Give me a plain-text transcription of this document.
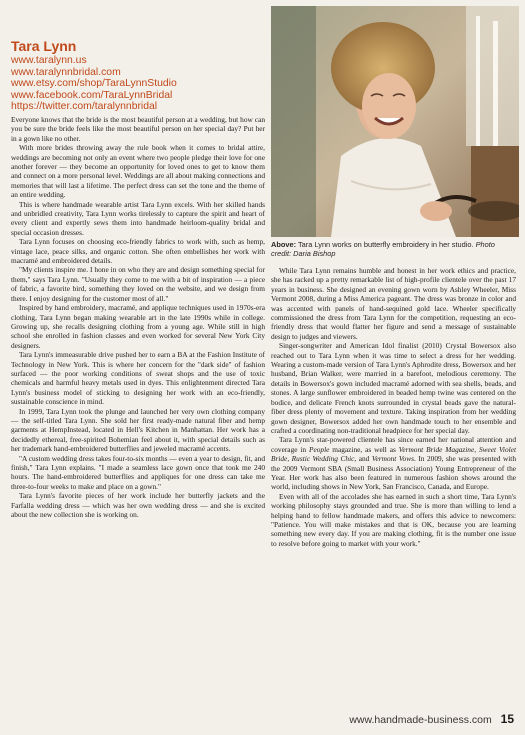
Tara Lynn
www.taralynn.us
www.taralynnbridal.com
www.etsy.com/shop/TaraLynnStudio
www.facebook.com/TaraLynnBridal
https://twitter.com/taralynnbridal

Everyone knows that the bride is the most beautiful person at a wedding, but how can you be sure the bride feels like the most beautiful person on her special day? Put her in a gown like no other.

With more brides throwing away the rule book when it comes to bridal attire, weddings are becoming not only an event where two people pledge their love for one another forever — they become an opportunity for loved ones to get to know them and connect on a more personal level. Weddings are all about making connections and memories that will last a lifetime. The perfect dress can set the tone and the theme of an entire wedding.

This is where handmade wearable artist Tara Lynn excels. With her skilled hands and unbridled creativity, Tara Lynn works tirelessly to capture the spirit and heart of every client and expertly sews them into handmade heirloom-quality bridal and special occasion dresses.

Tara Lynn focuses on choosing eco-friendly fabrics to work with, such as hemp, vintage lace, peace silks, and organic cotton. She often embellishes her work with macramé and embroidered details.

"My clients inspire me. I hone in on who they are and design something special for them," says Tara Lynn. "Usually they come to me with a bit of inspiration — a piece of fabric, a favorite bird, something they loved on the website, and we design from there. I enjoy designing for the customer most of all."

Inspired by hand embroidery, macramé, and applique techniques used in 1970s-era clothing, Tara Lynn began making wearable art in the late 1990s while in college. Growing up, she recalls designing clothing from a young age. While still in high school she enrolled in fashion classes and even worked for several New York City designers.

Tara Lynn's immeasurable drive pushed her to earn a BA at the Fashion Institute of Technology in New York. This is where her concern for the "dark side" of fashion surfaced — the poor working conditions of sweat shops and the use of toxic chemicals and harmful heavy metals used in dyes. This enlightenment directed Tara Lynn's business model of sticking to designing her work with an eco-friendly, sustainable conscience in mind.

In 1999, Tara Lynn took the plunge and launched her very own clothing company — the self-titled Tara Lynn. She sold her first ready-made natural fiber and hemp garments at HempInstead, located in Hell's Kitchen in Manhattan. Her work has a decidedly ethereal, free-spirited Bohemian feel about it, with special details such as her trademark hand-embroidered butterflies and jeweled macramé accents.

"A custom wedding dress takes four-to-six months — even a year to design, fit, and finish," Tara Lynn explains. "I made a seamless lace gown once that took me 240 hours. The hand-embroidered butterflies and appliques for one dress can take me three-to-four weeks to make and place on a gown."

Tara Lynn's favorite pieces of her work include her butterfly jackets and the Farfalla wedding dress — which was her own wedding dress — and she is excited about the new collection she is working on.

Above: Tara Lynn works on butterfly embroidery in her studio. Photo credit: Daria Bishop

While Tara Lynn remains humble and honest in her work ethics and practice, she has racked up a pretty remarkable list of high-profile clientele over the past 17 years in business. She designed an evening gown worn by Ashley Wheeler, Miss Vermont 2008, during a Miss America pageant. The dress was bronze in color and was accented with panels of hand-sequined gold lace. Wheeler specifically commissioned the dress from Tara Lynn for the competition, requesting an eco-friendly dress that would flatter her figure and send a message of sustainable design to judges and viewers.

Singer-songwriter and American Idol finalist (2010) Crystal Bowersox also reached out to Tara Lynn when it was time to select a dress for her wedding. Wearing a custom-made version of Tara Lynn's Aphrodite dress, Bowersox and her husband, Brian Walker, were married in a barefoot, melodious ceremony. The details in Bowersox's gown included macramé adorned with sea shells, beads, and stones. A large sunflower embroidered in beaded hemp twine was centered on the bodice, and delicate French knots surrounded in crystal beads gave the natural-fiber dress plenty of movement and texture. Taking inspiration from her wedding gown designer, Bowersox added her own handmade touch to her ensemble and crafted a coordinating non-traditional headpiece for her special day.

Tara Lynn's star-powered clientele has since earned her national attention and coverage in People magazine, as well as Vermont Bride Magazine, Sweet Violet Bride, Rustic Wedding Chic, and Vermont Vows. In 2009, she was presented with the 2009 Vermont SBA (Small Business Association) Young Entrepreneur of the Year. Her work has also been featured in numerous fashion shows around the world, including shows in New York, San Francisco, Canada, and Europe.

Even with all of the accolades she has earned in such a short time, Tara Lynn's working philosophy stays grounded and true. She is more than willing to lend a helping hand to fellow handmade makers, and offers this advice to newcomers: "Patience. You will make mistakes and that is OK, because you are learning something new every day. If you are making clothing, fit is the number one issue to resolve before going to market with your work."

www.handmade-business.com 15
